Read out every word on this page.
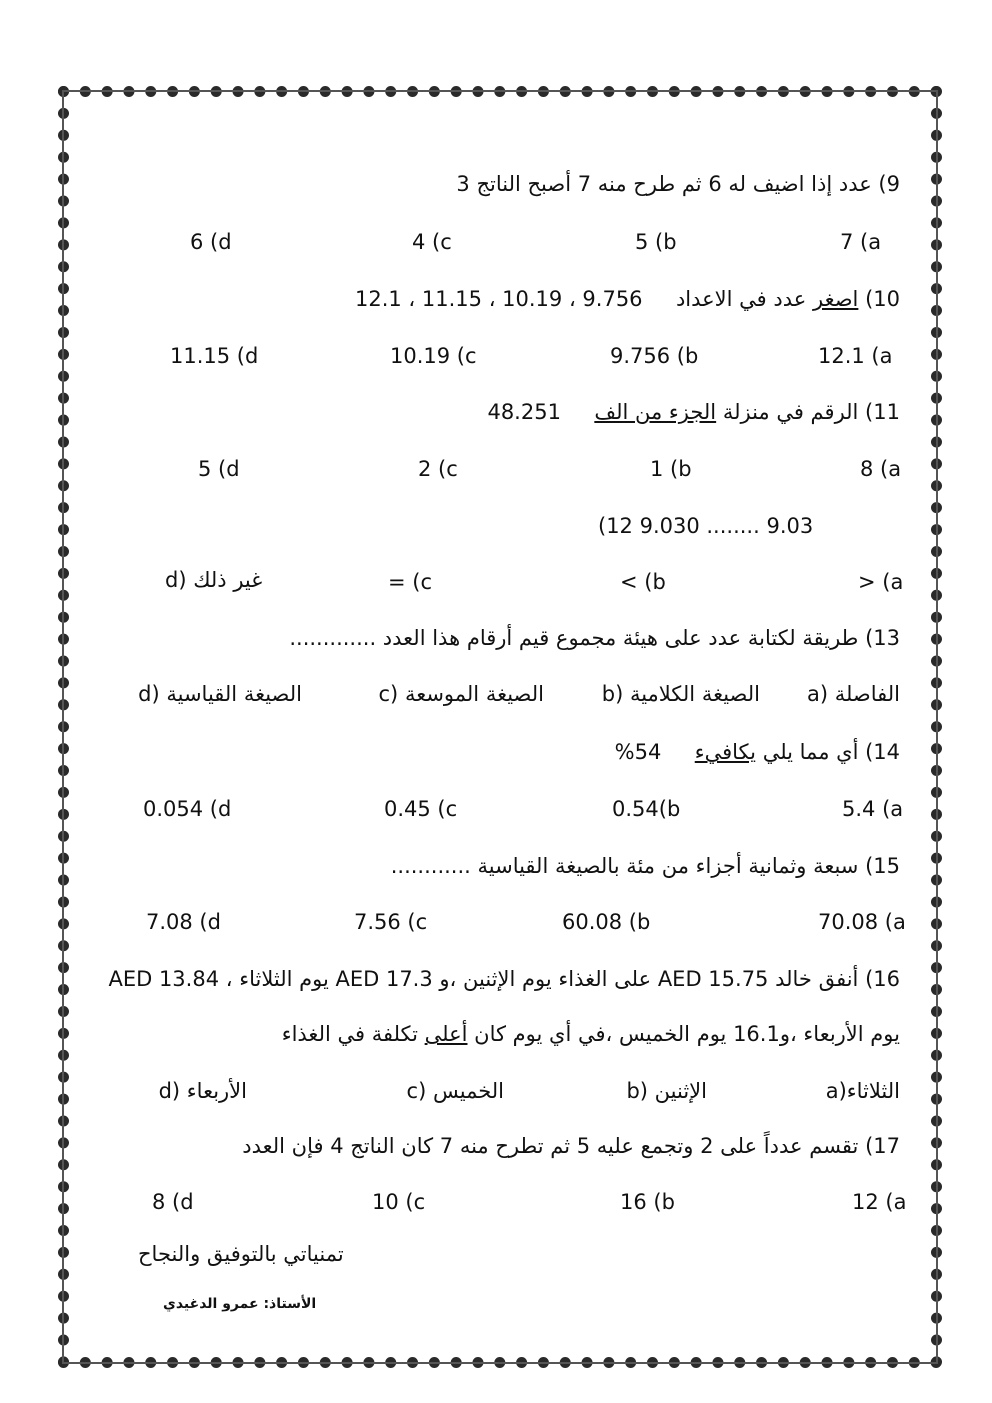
9) عدد إذا اضيف له 6 ثم طرح منه 7 أصبح الناتج 3
7 (a
5 (b
4 (c
6 (d
10) اصغر عدد في الاعداد     9.756 ، 10.19 ، 11.15 ، 12.1
12.1 (a
9.756 (b
10.19 (c
11.15 (d
11) الرقم في منزلة الجزء من الف     48.251
8 (a
1 (b
2 (c
5 (d
(12 9.030 ........ 9.03
> (a
< (b
= (c
d) غير ذلك
13) طريقة لكتابة عدد على هيئة مجموع قيم أرقام هذا العدد .............
a) الفاصلة
b) الصيغة الكلامية
c) الصيغة الموسعة
d) الصيغة القياسية
14) أي مما يلي يكافيء     54%
5.4 (a
0.54(b
0.45 (c
0.054 (d
15) سبعة وثمانية أجزاء من مئة بالصيغة القياسية ............
70.08 (a
60.08 (b
7.56 (c
7.08 (d
16) أنفق خالد AED 15.75 على الغذاء يوم الإثنين ،و AED 17.3 يوم الثلاثاء ، AED 13.84
يوم الأربعاء ،و16.1 يوم الخميس ،في أي يوم كان أعلى تكلفة في الغذاء
a)الثلاثاء
b) الإثنين
c) الخميس
d) الأربعاء
17) تقسم عدداً على 2 وتجمع عليه 5 ثم تطرح منه 7 كان الناتج 4 فإن العدد
12 (a
16 (b
10 (c
8 (d
تمنياتي بالتوفيق والنجاح
الأستاذ: عمرو الدغيدي
